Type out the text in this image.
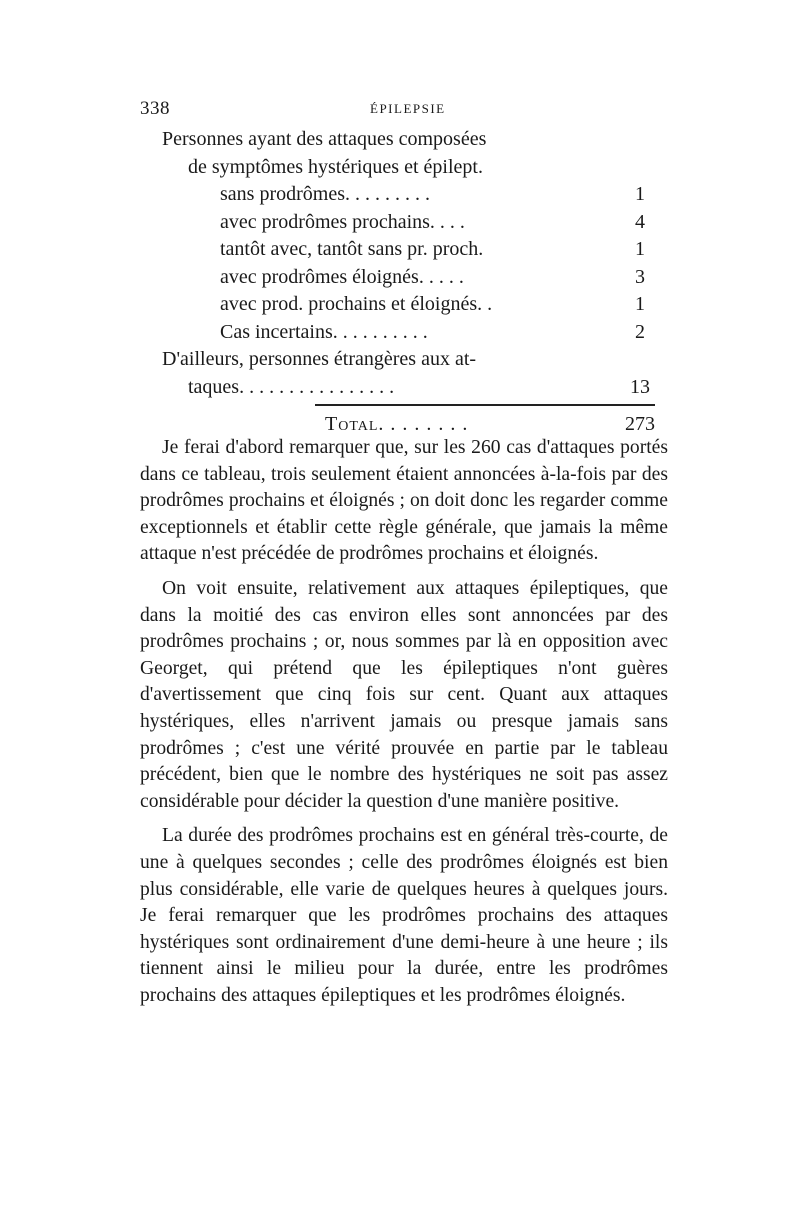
338	ÉPILEPSIE
Personnes ayant des attaques composées
de symptômes hystériques et épilept.
sans prodrômes. . . . . . . . .	1
avec prodrômes prochains. . . .	4
tantôt avec, tantôt sans pr. proch.	1
avec prodrômes éloignés. . . . .	3
avec prod. prochains et éloignés. .	1
Cas incertains. . . . . . . . . .	2
D'ailleurs, personnes étrangères aux at-
taques. . . . . . . . . . . . . . . .	13
Total. . . . . . . .	273

Je ferai d'abord remarquer que, sur les 260 cas d'attaques portés dans ce tableau, trois seulement étaient annoncées à-la-fois par des prodrômes prochains et éloignés ; on doit donc les regarder comme exceptionnels et établir cette règle générale, que jamais la même attaque n'est précédée de prodrômes prochains et éloignés.

On voit ensuite, relativement aux attaques épileptiques, que dans la moitié des cas environ elles sont annoncées par des prodrômes prochains ; or, nous sommes par là en opposition avec Georget, qui prétend que les épileptiques n'ont guères d'avertissement que cinq fois sur cent. Quant aux attaques hystériques, elles n'arrivent jamais ou presque jamais sans prodrômes ; c'est une vérité prouvée en partie par le tableau précédent, bien que le nombre des hystériques ne soit pas assez considérable pour décider la question d'une manière positive.

La durée des prodrômes prochains est en général très-courte, de une à quelques secondes ; celle des prodrômes éloignés est bien plus considérable, elle varie de quelques heures à quelques jours. Je ferai remarquer que les prodrômes prochains des attaques hystériques sont ordinairement d'une demi-heure à une heure ; ils tiennent ainsi le milieu pour la durée, entre les prodrômes prochains des attaques épileptiques et les prodrômes éloignés.
